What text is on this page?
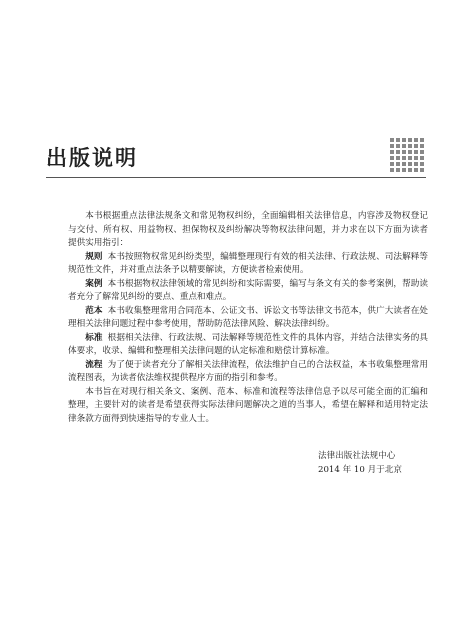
出版说明

本书根据重点法律法规条文和常见物权纠纷，全面编辑相关法律信息，内容涉及物权登记与交付、所有权、用益物权、担保物权及纠纷解决等物权法律问题，并力求在以下方面为读者提供实用指引：

规则 本书按照物权常见纠纷类型，编辑整理现行有效的相关法律、行政法规、司法解释等规范性文件，并对重点法条予以精要解读，方便读者检索使用。

案例 本书根据物权法律领域的常见纠纷和实际需要，编写与条文有关的参考案例，帮助读者充分了解常见纠纷的要点、重点和难点。

范本 本书收集整理常用合同范本、公证文书、诉讼文书等法律文书范本，供广大读者在处理相关法律问题过程中参考使用，帮助防范法律风险、解决法律纠纷。

标准 根据相关法律、行政法规、司法解释等规范性文件的具体内容，并结合法律实务的具体要求，收录、编辑和整理相关法律问题的认定标准和赔偿计算标准。

流程 为了便于读者充分了解相关法律流程，依法维护自己的合法权益，本书收集整理常用流程图表，为读者依法维权提供程序方面的指引和参考。

本书旨在对现行相关条文、案例、范本、标准和流程等法律信息予以尽可能全面的汇编和整理，主要针对的读者是希望获得实际法律问题解决之道的当事人，希望在解释和适用特定法律条款方面得到快速指导的专业人士。

法律出版社法规中心
2014 年 10 月于北京
